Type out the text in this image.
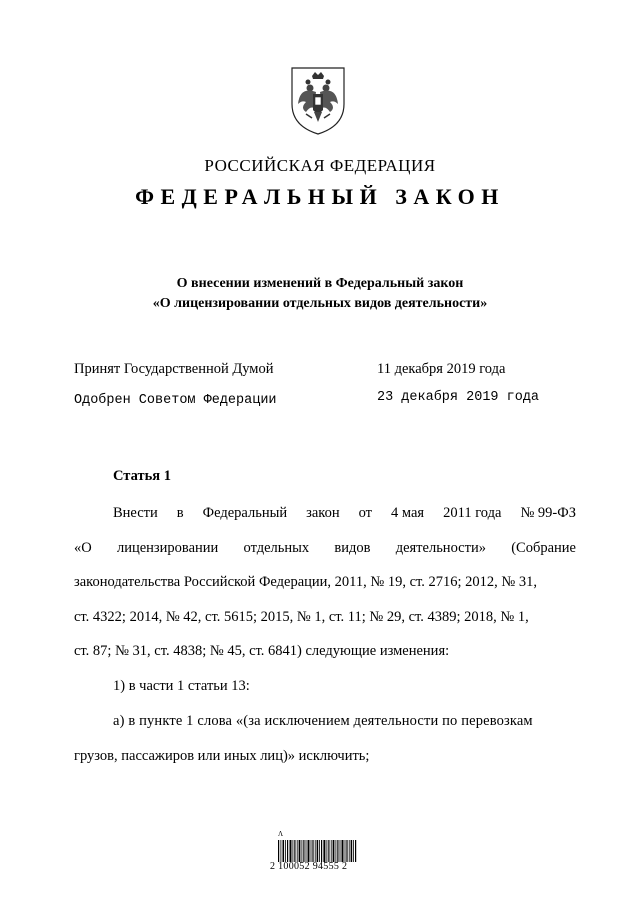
РОССИЙСКАЯ ФЕДЕРАЦИЯ
ФЕДЕРАЛЬНЫЙ ЗАКОН
О внесении изменений в Федеральный закон
«О лицензировании отдельных видов деятельности»
Принят Государственной Думой	11 декабря 2019 года
Одобрен Советом Федерации	23 декабря 2019 года
Статья 1
Внести в Федеральный закон от 4 мая 2011 года № 99-ФЗ
«О лицензировании отдельных видов деятельности» (Собрание
законодательства Российской Федерации, 2011, № 19, ст. 2716; 2012, № 31,
ст. 4322; 2014, № 42, ст. 5615; 2015, № 1, ст. 11; № 29, ст. 4389; 2018, № 1,
ст. 87; № 31, ст. 4838; № 45, ст. 6841) следующие изменения:
1) в части 1 статьи 13:
а) в пункте 1 слова «(за исключением деятельности по перевозкам
грузов, пассажиров или иных лиц)» исключить;
Ʌ
2 100052 94555 2
